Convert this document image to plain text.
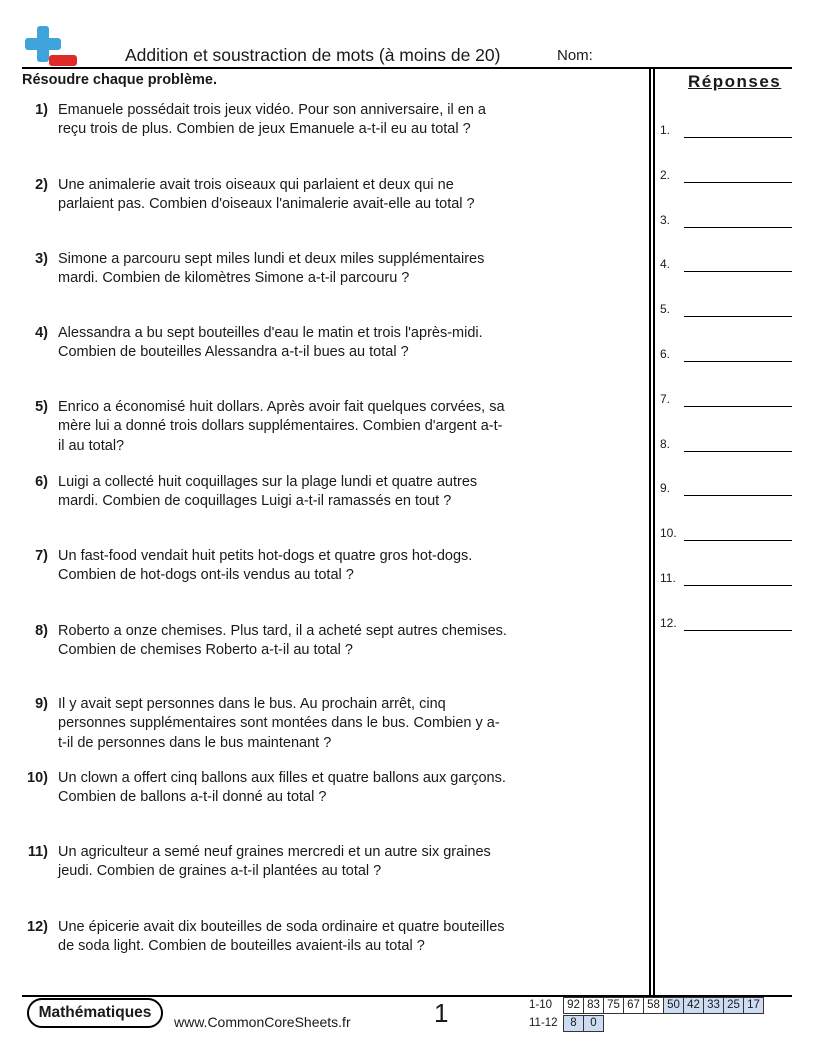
Addition et soustraction de mots (à moins de 20)	Nom:
Résoudre chaque problème.	Réponses
1) Emanuele possédait trois jeux vidéo. Pour son anniversaire, il en a reçu trois de plus. Combien de jeux Emanuele a-t-il eu au total ?
2) Une animalerie avait trois oiseaux qui parlaient et deux qui ne parlaient pas. Combien d'oiseaux l'animalerie avait-elle au total ?
3) Simone a parcouru sept miles lundi et deux miles supplémentaires mardi. Combien de kilomètres Simone a-t-il parcouru ?
4) Alessandra a bu sept bouteilles d'eau le matin et trois l'après-midi. Combien de bouteilles Alessandra a-t-il bues au total ?
5) Enrico a économisé huit dollars. Après avoir fait quelques corvées, sa mère lui a donné trois dollars supplémentaires. Combien d'argent a-t-il au total?
6) Luigi a collecté huit coquillages sur la plage lundi et quatre autres mardi. Combien de coquillages Luigi a-t-il ramassés en tout ?
7) Un fast-food vendait huit petits hot-dogs et quatre gros hot-dogs. Combien de hot-dogs ont-ils vendus au total ?
8) Roberto a onze chemises. Plus tard, il a acheté sept autres chemises. Combien de chemises Roberto a-t-il au total ?
9) Il y avait sept personnes dans le bus. Au prochain arrêt, cinq personnes supplémentaires sont montées dans le bus. Combien y a-t-il de personnes dans le bus maintenant ?
10) Un clown a offert cinq ballons aux filles et quatre ballons aux garçons. Combien de ballons a-t-il donné au total ?
11) Un agriculteur a semé neuf graines mercredi et un autre six graines jeudi. Combien de graines a-t-il plantées au total ?
12) Une épicerie avait dix bouteilles de soda ordinaire et quatre bouteilles de soda light. Combien de bouteilles avaient-ils au total ?
1.
2.
3.
4.
5.
6.
7.
8.
9.
10.
11.
12.
Mathématiques
www.CommonCoreSheets.fr	1	1-10	92 83 75 67 58 50 42 33 25 17
11-12	8	0
